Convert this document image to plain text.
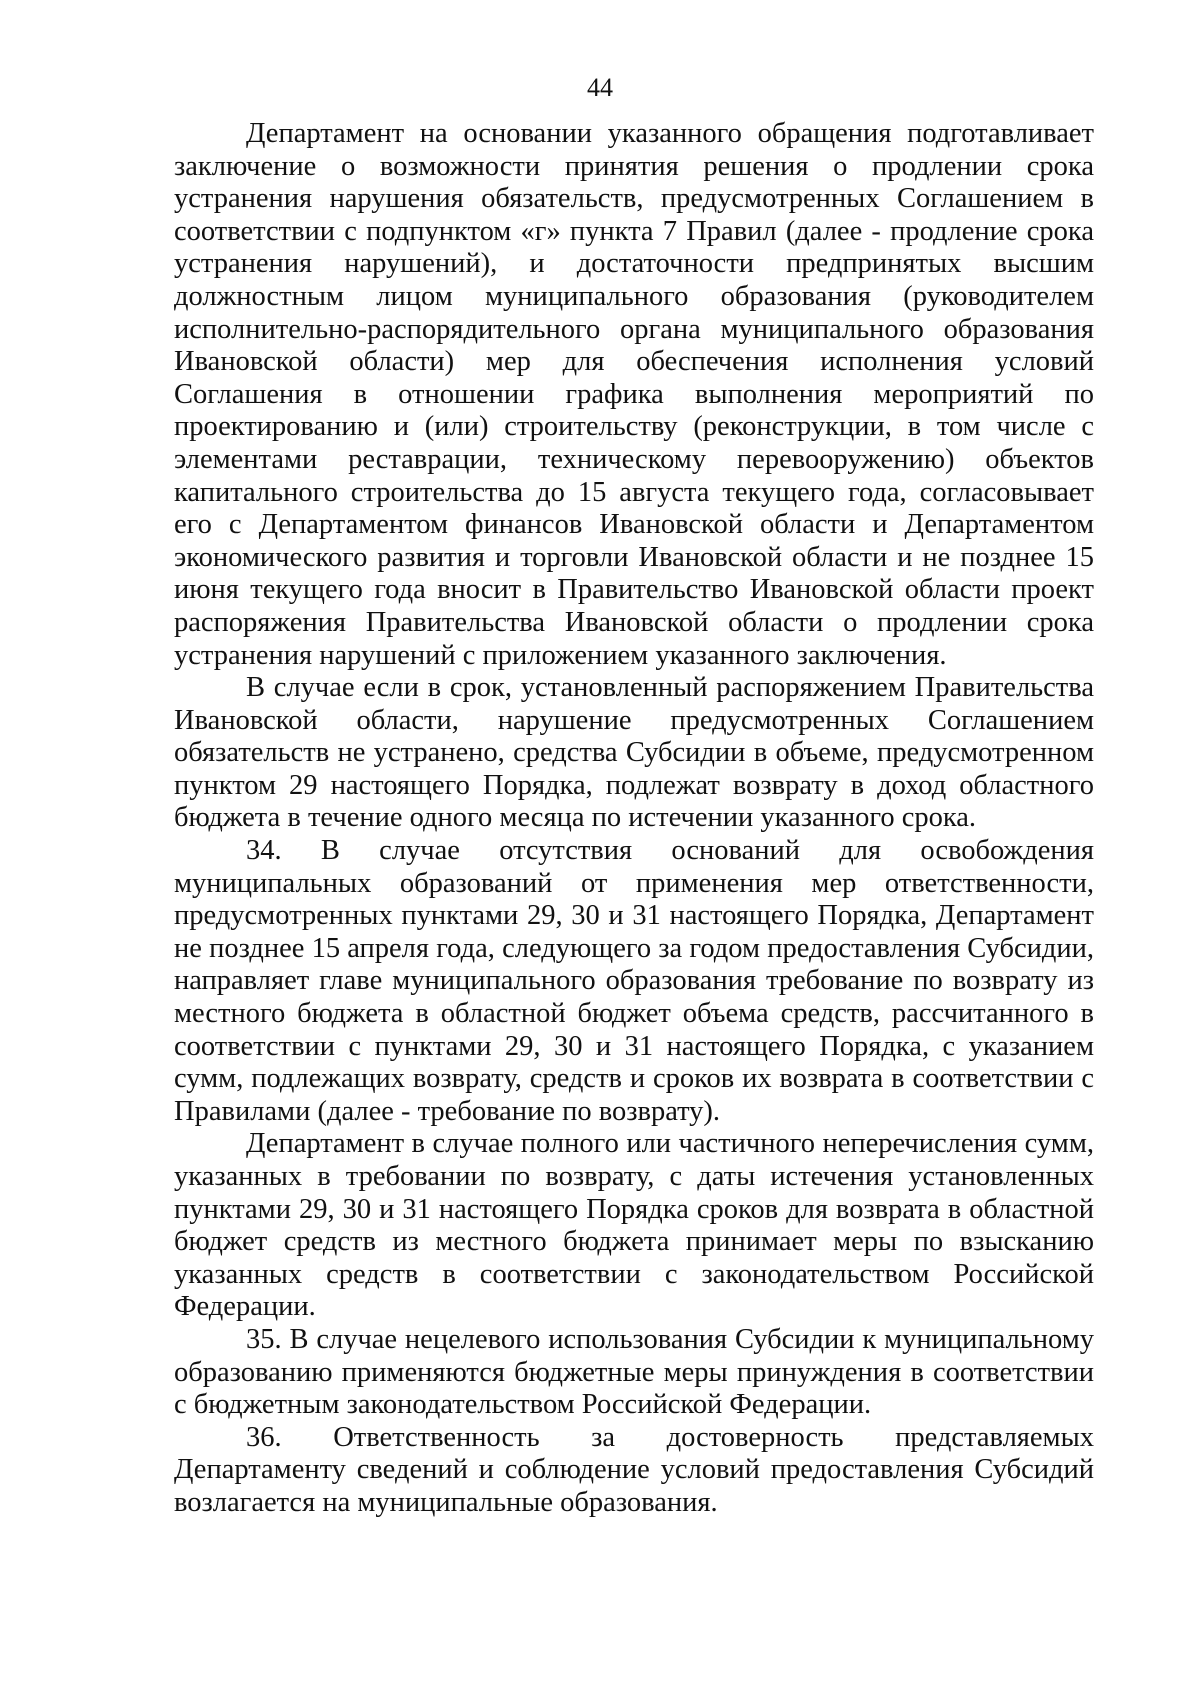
44

Департамент на основании указанного обращения подготавливает заключение о возможности принятия решения о продлении срока устранения нарушения обязательств, предусмотренных Соглашением в соответствии с подпунктом «г» пункта 7 Правил (далее - продление срока устранения нарушений), и достаточности предпринятых высшим должностным лицом муниципального образования (руководителем исполнительно-распорядительного органа муниципального образования Ивановской области) мер для обеспечения исполнения условий Соглашения в отношении графика выполнения мероприятий по проектированию и (или) строительству (реконструкции, в том числе с элементами реставрации, техническому перевооружению) объектов капитального строительства до 15 августа текущего года, согласовывает его с Департаментом финансов Ивановской области и Департаментом экономического развития и торговли Ивановской области и не позднее 15 июня текущего года вносит в Правительство Ивановской области проект распоряжения Правительства Ивановской области о продлении срока устранения нарушений с приложением указанного заключения.

В случае если в срок, установленный распоряжением Правительства Ивановской области, нарушение предусмотренных Соглашением обязательств не устранено, средства Субсидии в объеме, предусмотренном пунктом 29 настоящего Порядка, подлежат возврату в доход областного бюджета в течение одного месяца по истечении указанного срока.

34. В случае отсутствия оснований для освобождения муниципальных образований от применения мер ответственности, предусмотренных пунктами 29, 30 и 31 настоящего Порядка, Департамент не позднее 15 апреля года, следующего за годом предоставления Субсидии, направляет главе муниципального образования требование по возврату из местного бюджета в областной бюджет объема средств, рассчитанного в соответствии с пунктами 29, 30 и 31 настоящего Порядка, с указанием сумм, подлежащих возврату, средств и сроков их возврата в соответствии с Правилами (далее - требование по возврату).

Департамент в случае полного или частичного неперечисления сумм, указанных в требовании по возврату, с даты истечения установленных пунктами 29, 30 и 31 настоящего Порядка сроков для возврата в областной бюджет средств из местного бюджета принимает меры по взысканию указанных средств в соответствии с законодательством Российской Федерации.

35. В случае нецелевого использования Субсидии к муниципальному образованию применяются бюджетные меры принуждения в соответствии с бюджетным законодательством Российской Федерации.

36. Ответственность за достоверность представляемых Департаменту сведений и соблюдение условий предоставления Субсидий возлагается на муниципальные образования.
